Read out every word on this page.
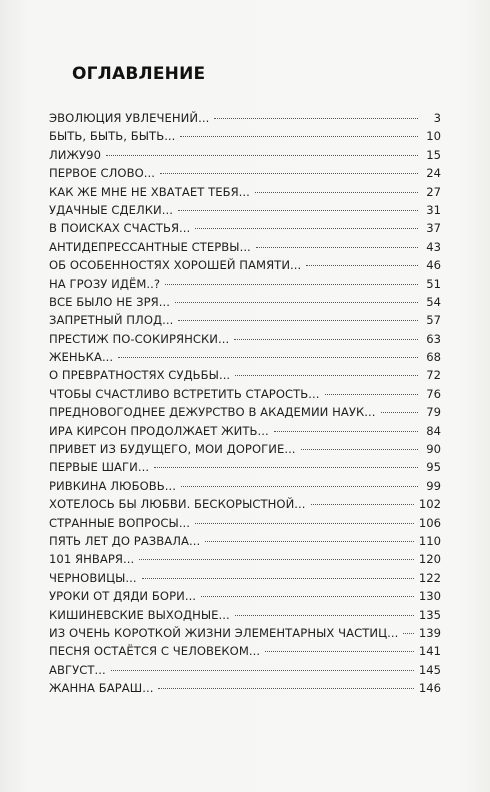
ОГЛАВЛЕНИЕ
ЭВОЛЮЦИЯ УВЛЕЧЕНИЙ...	3
БЫТЬ, БЫТЬ, БЫТЬ...	10
ЛИЖУ90	15
ПЕРВОЕ СЛОВО...	24
КАК ЖЕ МНЕ НЕ ХВАТАЕТ ТЕБЯ...	27
УДАЧНЫЕ СДЕЛКИ...	31
В ПОИСКАХ СЧАСТЬЯ...	37
АНТИДЕПРЕССАНТНЫЕ СТЕРВЫ...	43
ОБ ОСОБЕННОСТЯХ ХОРОШЕЙ ПАМЯТИ...	46
НА ГРОЗУ ИДЁМ..?	51
ВСЕ БЫЛО НЕ ЗРЯ...	54
ЗАПРЕТНЫЙ ПЛОД...	57
ПРЕСТИЖ ПО-СОКИРЯНСКИ...	63
ЖЕНЬКА...	68
О ПРЕВРАТНОСТЯХ СУДЬБЫ...	72
ЧТОБЫ СЧАСТЛИВО ВСТРЕТИТЬ СТАРОСТЬ...	76
ПРЕДНОВОГОДНЕЕ ДЕЖУРСТВО В АКАДЕМИИ НАУК...	79
ИРА КИРСОН ПРОДОЛЖАЕТ ЖИТЬ...	84
ПРИВЕТ ИЗ БУДУЩЕГО, МОИ ДОРОГИЕ...	90
ПЕРВЫЕ ШАГИ...	95
РИВКИНА ЛЮБОВЬ...	99
ХОТЕЛОСЬ БЫ ЛЮБВИ. БЕСКОРЫСТНОЙ...	102
СТРАННЫЕ ВОПРОСЫ...	106
ПЯТЬ ЛЕТ ДО РАЗВАЛА...	110
101 ЯНВАРЯ...	120
ЧЕРНОВИЦЫ...	122
УРОКИ ОТ ДЯДИ БОРИ...	130
КИШИНЕВСКИЕ ВЫХОДНЫЕ...	135
ИЗ ОЧЕНЬ КОРОТКОЙ ЖИЗНИ ЭЛЕМЕНТАРНЫХ ЧАСТИЦ... 139
ПЕСНЯ ОСТАЁТСЯ С ЧЕЛОВЕКОМ...	141
АВГУСТ...	145
ЖАННА БАРАШ...	146
